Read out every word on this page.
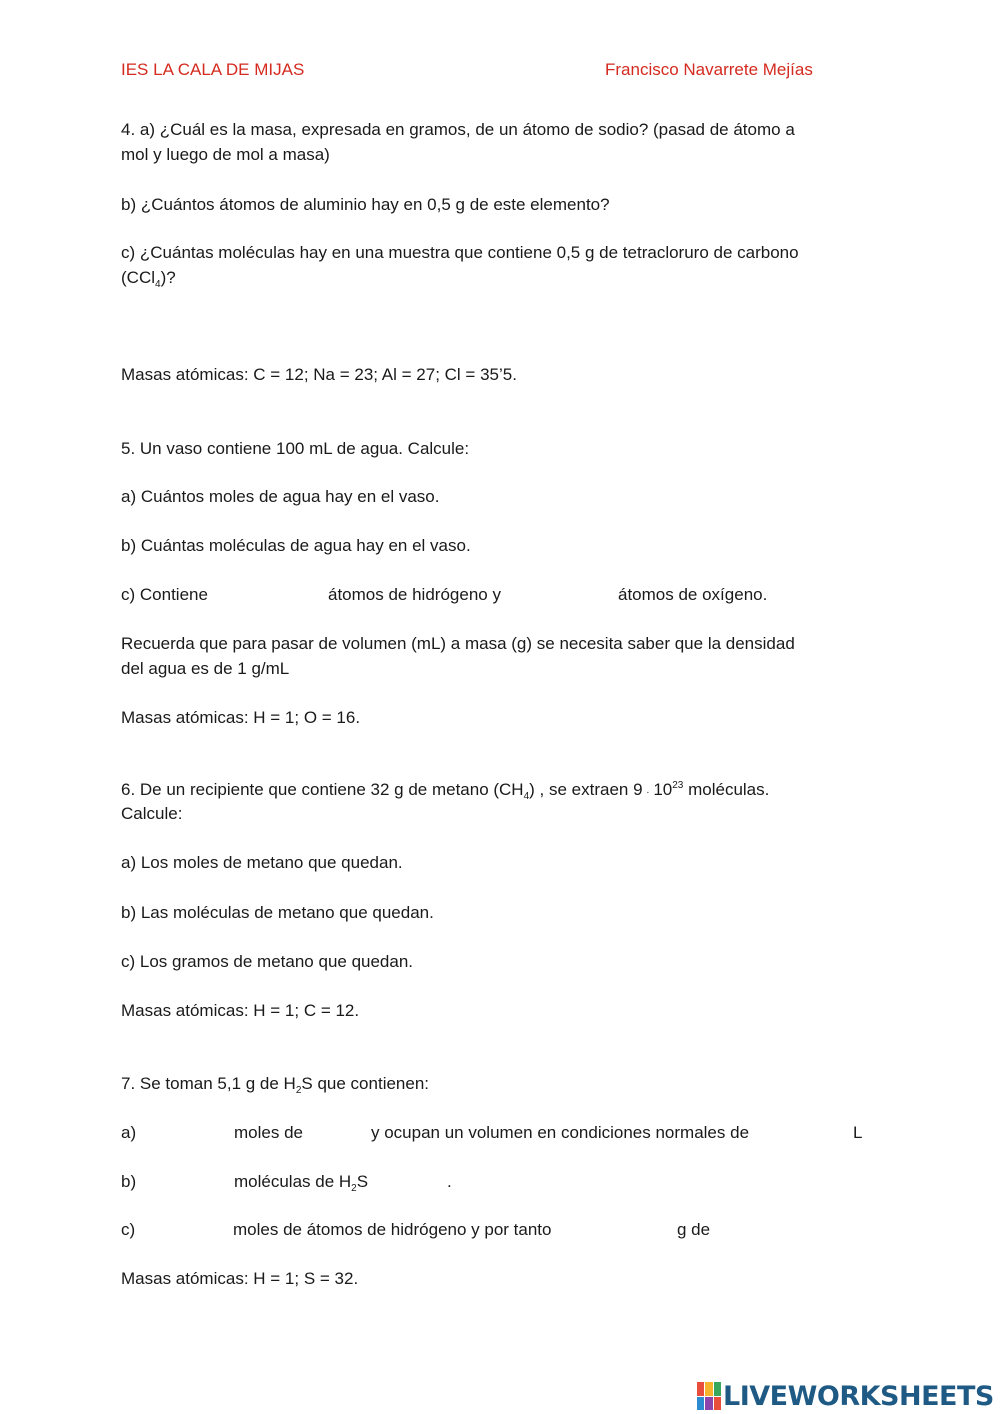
IES LA CALA DE MIJAS	Francisco Navarrete Mejías
4. a) ¿Cuál es la masa, expresada en gramos, de un átomo de sodio? (pasad de átomo a
mol y luego de mol a masa)
b) ¿Cuántos átomos de aluminio hay en 0,5 g de este elemento?
c) ¿Cuántas moléculas hay en una muestra que contiene 0,5 g de tetracloruro de carbono
(CCl$_4$)?
Masas atómicas: C = 12; Na = 23; Al = 27; Cl = 35’5.
5. Un vaso contiene 100 mL de agua. Calcule:
a) Cuántos moles de agua hay en el vaso.
b) Cuántas moléculas de agua hay en el vaso.
c) Contiene	átomos de hidrógeno y	átomos de oxígeno.
Recuerda que para pasar de volumen (mL) a masa (g) se necesita saber que la densidad
del agua es de 1 g/mL
Masas atómicas: H = 1; O = 16.
6. De un recipiente que contiene 32 g de metano $(CH_4)$ , se extraen 9 . $10^{23}$ moléculas.
Calcule:
a) Los moles de metano que quedan.
b) Las moléculas de metano que quedan.
c) Los gramos de metano que quedan.
Masas atómicas: H = 1; C = 12.
7. Se toman 5,1 g de $H_2S$ que contienen:
a)	moles de	y ocupan un volumen en condiciones normales de	L
b)	moléculas de $H_2S$	.
c)	moles de átomos de hidrógeno y por tanto	g de
Masas atómicas: H = 1; S = 32.
LIVEWORKSHEETS
